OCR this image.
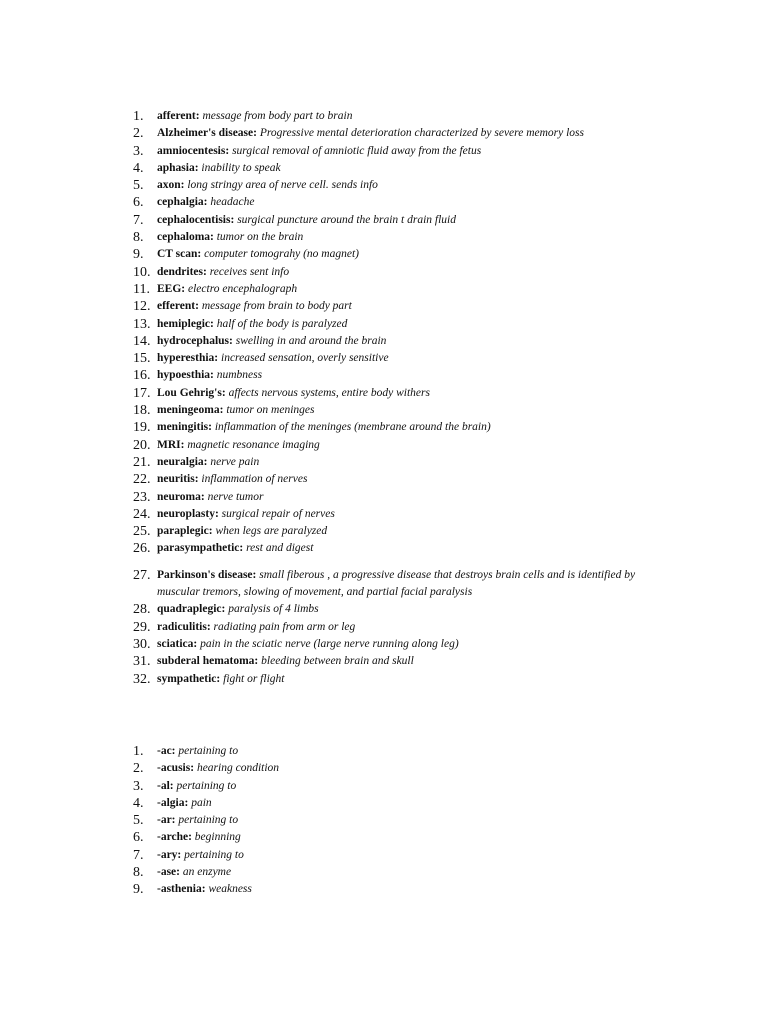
1.	afferent: message from body part to brain
2.	Alzheimer's disease: Progressive mental deterioration characterized by severe memory loss
3.	amniocentesis: surgical removal of amniotic fluid away from the fetus
4.	aphasia: inability to speak
5.	axon: long stringy area of nerve cell. sends info
6.	cephalgia: headache
7.	cephalocentisis: surgical puncture around the brain t drain fluid
8.	cephaloma: tumor on the brain
9.	CT scan: computer tomograhy (no magnet)
10. dendrites: receives sent info
11. EEG: electro encephalograph
12. efferent: message from brain to body part
13. hemiplegic: half of the body is paralyzed
14. hydrocephalus: swelling in and around the brain
15. hyperesthia: increased sensation, overly sensitive
16. hypoesthia: numbness
17. Lou Gehrig's: affects nervous systems, entire body withers
18. meningeoma: tumor on meninges
19. meningitis: inflammation of the meninges (membrane around the brain)
20. MRI: magnetic resonance imaging
21. neuralgia: nerve pain
22. neuritis: inflammation of nerves
23. neuroma: nerve tumor
24. neuroplasty: surgical repair of nerves
25. paraplegic: when legs are paralyzed
26. parasympathetic: rest and digest
27. Parkinson's disease: small fiberous , a progressive disease that destroys brain cells and is identified by muscular tremors, slowing of movement, and partial facial paralysis
28. quadraplegic: paralysis of 4 limbs
29. radiculitis: radiating pain from arm or leg
30. sciatica: pain in the sciatic nerve (large nerve running along leg)
31. subderal hematoma: bleeding between brain and skull
32. sympathetic: fight or flight
1.	-ac: pertaining to
2.	-acusis: hearing condition
3.	-al: pertaining to
4.	-algia: pain
5.	-ar: pertaining to
6.	-arche: beginning
7.	-ary: pertaining to
8.	-ase: an enzyme
9.	-asthenia: weakness
